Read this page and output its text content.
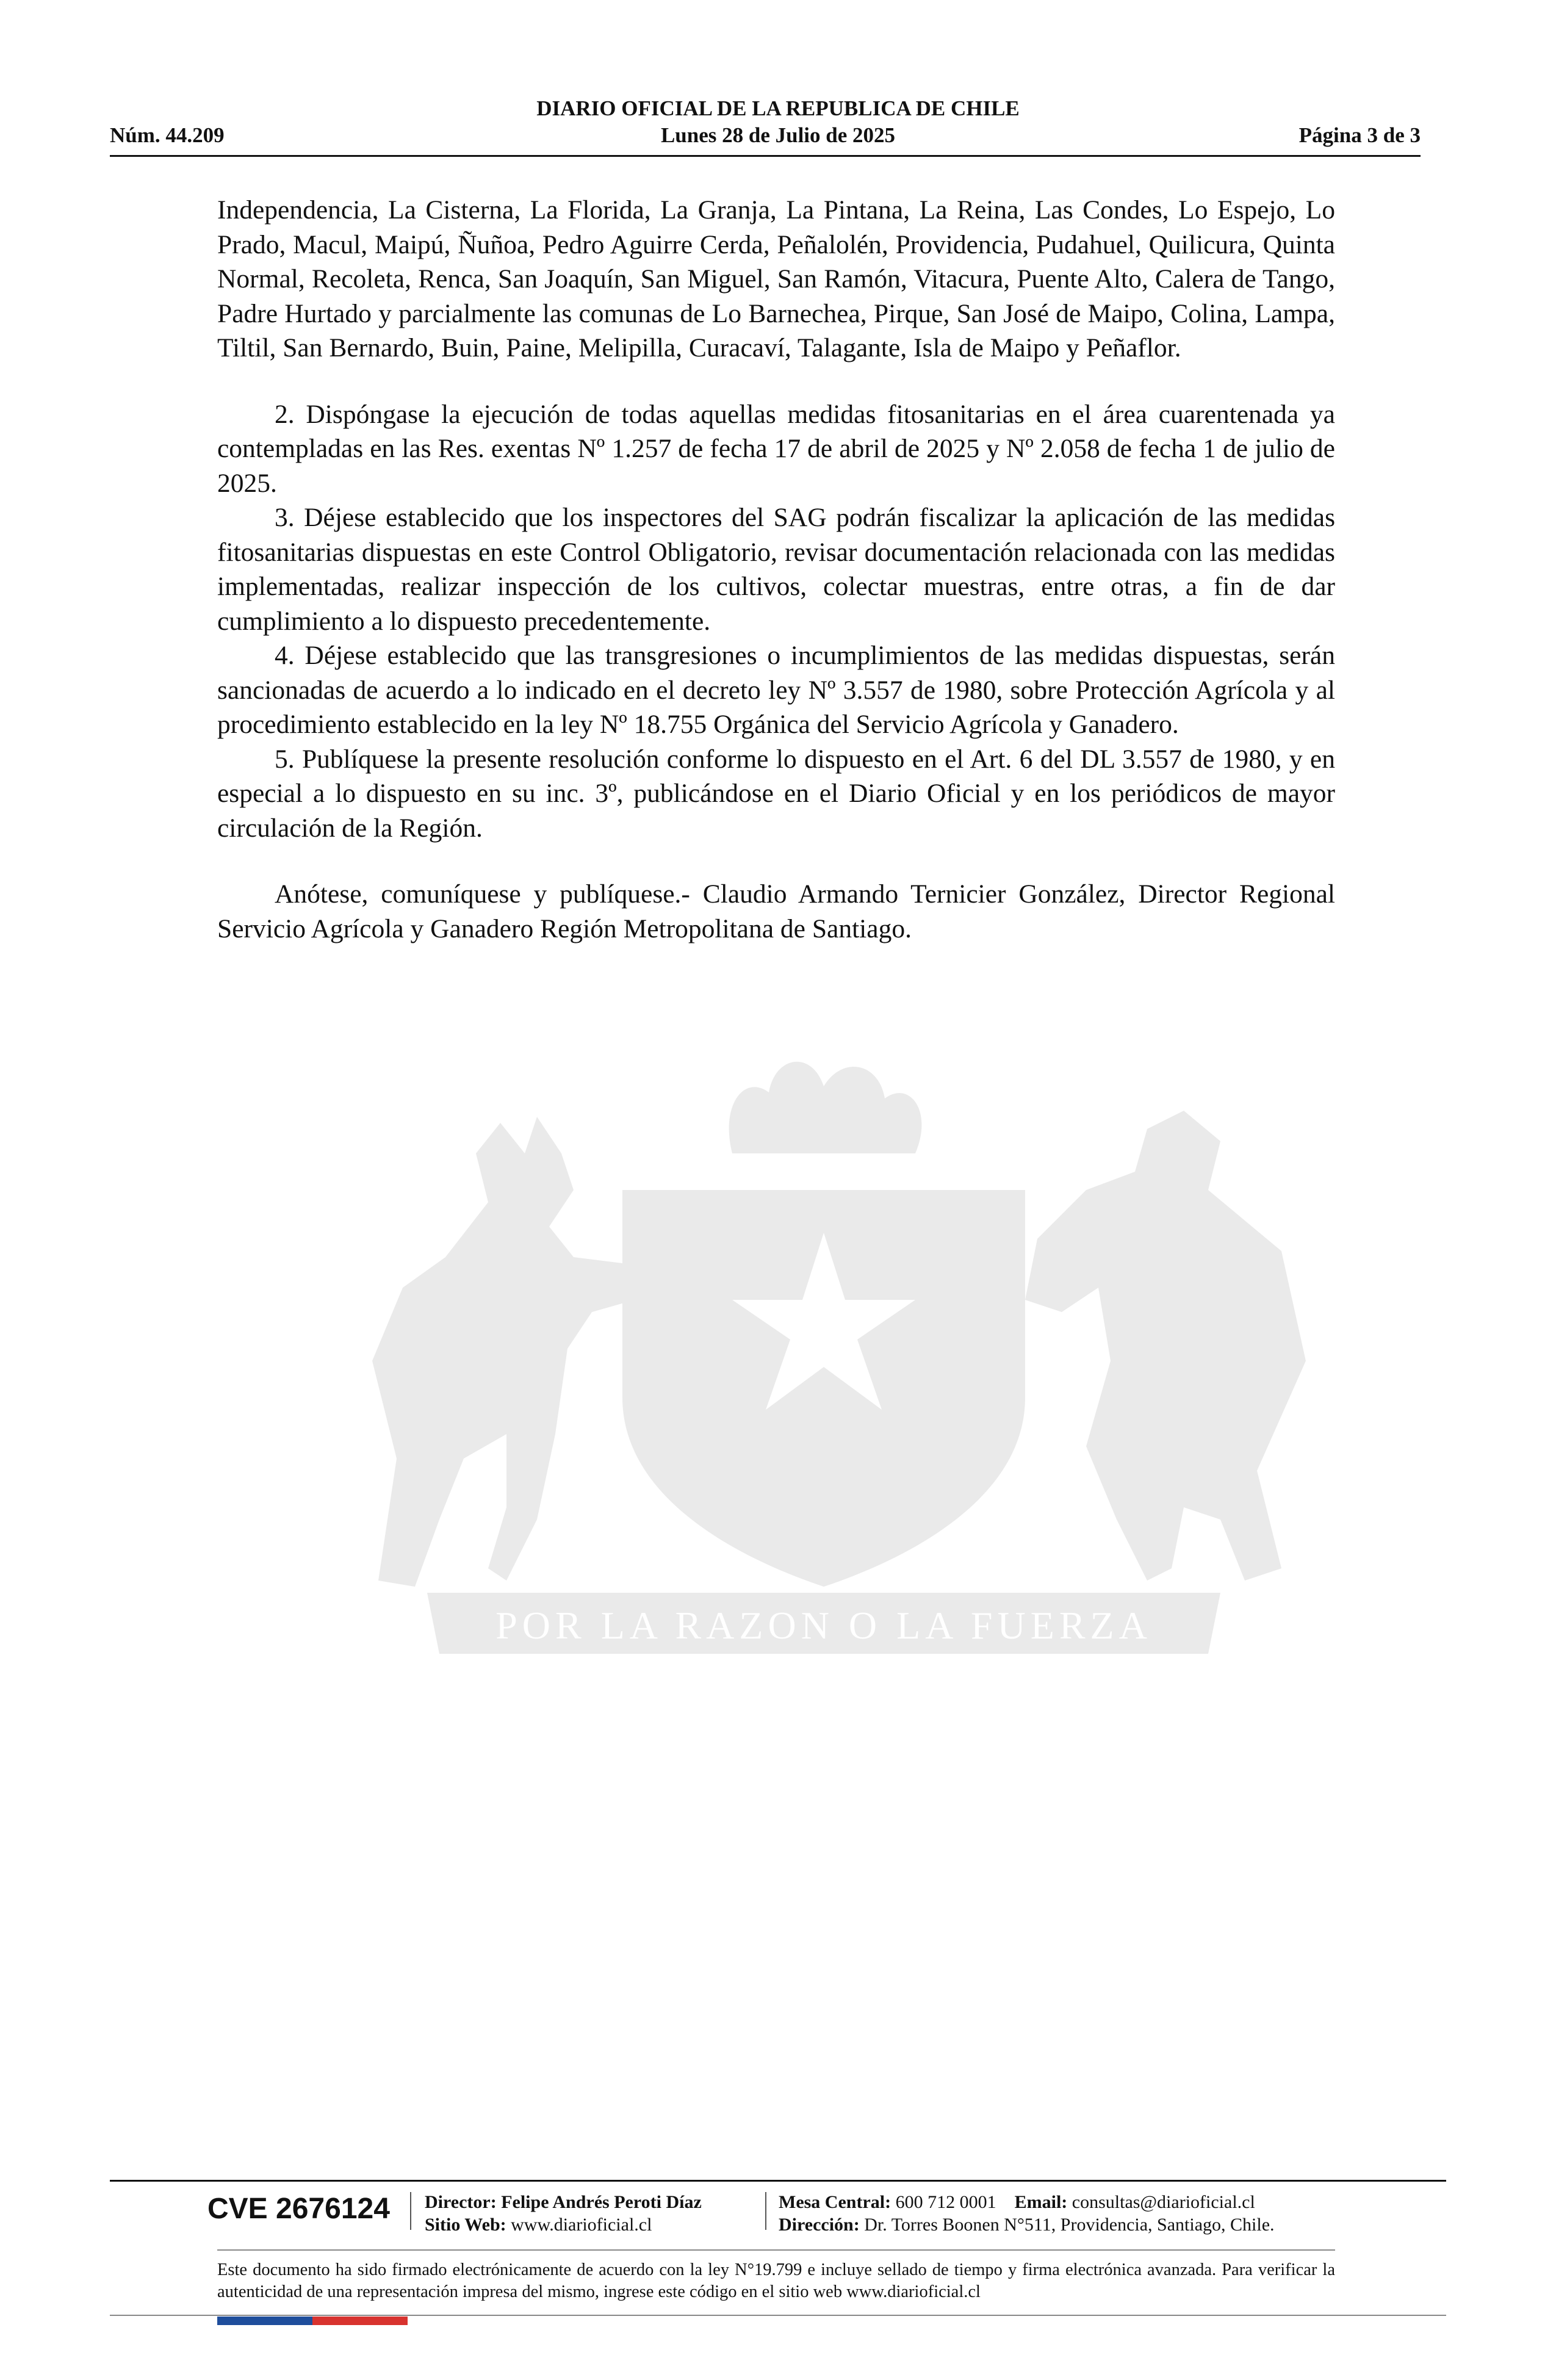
DIARIO OFICIAL DE LA REPUBLICA DE CHILE
Núm. 44.209	Lunes 28 de Julio de 2025	Página 3 de 3
POR LA RAZON O LA FUERZA

Independencia, La Cisterna, La Florida, La Granja, La Pintana, La Reina, Las Condes, Lo Espejo, Lo Prado, Macul, Maipú, Ñuñoa, Pedro Aguirre Cerda, Peñalolén, Providencia, Pudahuel, Quilicura, Quinta Normal, Recoleta, Renca, San Joaquín, San Miguel, San Ramón, Vitacura, Puente Alto, Calera de Tango, Padre Hurtado y parcialmente las comunas de Lo Barnechea, Pirque, San José de Maipo, Colina, Lampa, Tiltil, San Bernardo, Buin, Paine, Melipilla, Curacaví, Talagante, Isla de Maipo y Peñaflor.

2. Dispóngase la ejecución de todas aquellas medidas fitosanitarias en el área cuarentenada ya contempladas en las Res. exentas Nº 1.257 de fecha 17 de abril de 2025 y Nº 2.058 de fecha 1 de julio de 2025.

3. Déjese establecido que los inspectores del SAG podrán fiscalizar la aplicación de las medidas fitosanitarias dispuestas en este Control Obligatorio, revisar documentación relacionada con las medidas implementadas, realizar inspección de los cultivos, colectar muestras, entre otras, a fin de dar cumplimiento a lo dispuesto precedentemente.

4. Déjese establecido que las transgresiones o incumplimientos de las medidas dispuestas, serán sancionadas de acuerdo a lo indicado en el decreto ley Nº 3.557 de 1980, sobre Protección Agrícola y al procedimiento establecido en la ley Nº 18.755 Orgánica del Servicio Agrícola y Ganadero.

5. Publíquese la presente resolución conforme lo dispuesto en el Art. 6 del DL 3.557 de 1980, y en especial a lo dispuesto en su inc. 3º, publicándose en el Diario Oficial y en los periódicos de mayor circulación de la Región.

Anótese, comuníquese y publíquese.- Claudio Armando Ternicier González, Director Regional Servicio Agrícola y Ganadero Región Metropolitana de Santiago.

CVE 2676124 Director: Felipe Andrés Peroti Díaz
Sitio Web: www.diarioficial.cl
Mesa Central: 600 712 0001 Email: consultas@diarioficial.cl
Dirección: Dr. Torres Boonen N°511, Providencia, Santiago, Chile.
Este documento ha sido firmado electrónicamente de acuerdo con la ley N°19.799 e incluye sellado de tiempo y firma electrónica avanzada. Para verificar la autenticidad de una representación impresa del mismo, ingrese este código en el sitio web www.diarioficial.cl
